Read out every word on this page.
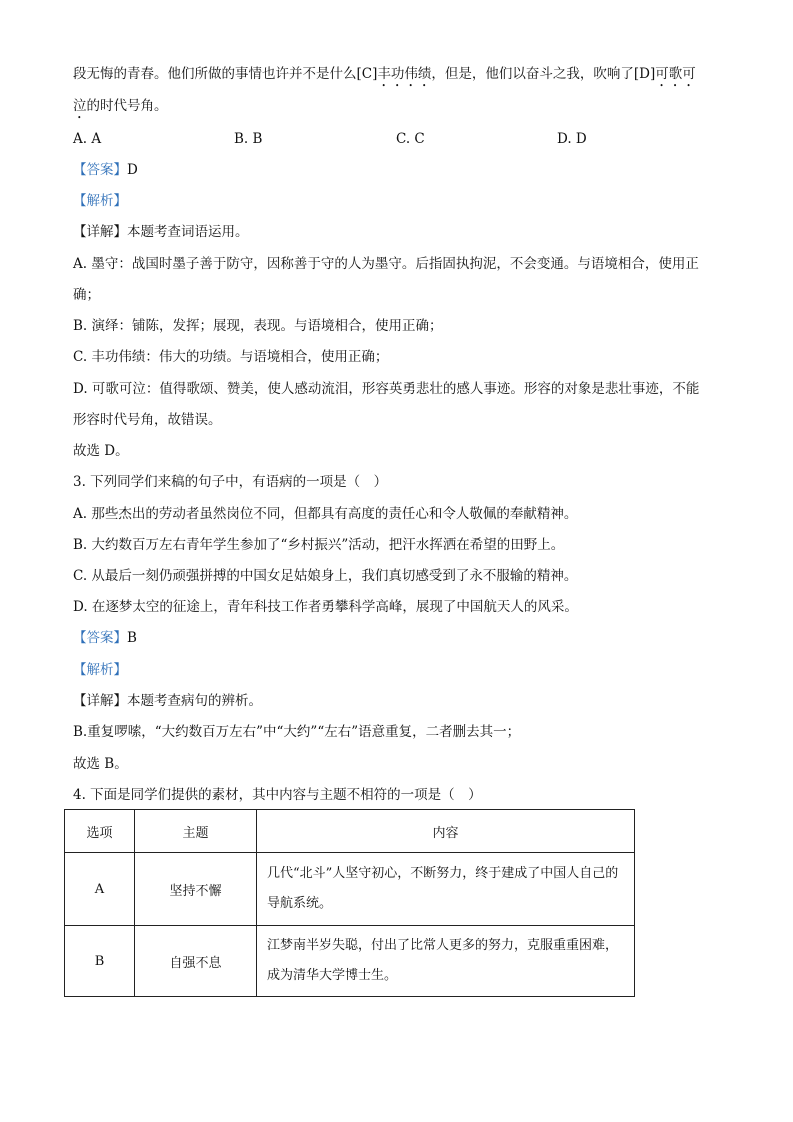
段无悔的青春。他们所做的事情也许并不是什么[C]丰功伟绩，但是，他们以奋斗之我，吹响了[D]可歌可
泣的时代号角。
A. A	B. B	C. C	D. D
【答案】D
【解析】
【详解】本题考查词语运用。
A. 墨守：战国时墨子善于防守，因称善于守的人为墨守。后指固执拘泥，不会变通。与语境相合，使用正
确；
B. 演绎：铺陈，发挥；展现，表现。与语境相合，使用正确；
C. 丰功伟绩：伟大的功绩。与语境相合，使用正确；
D. 可歌可泣：值得歌颂、赞美，使人感动流泪，形容英勇悲壮的感人事迹。形容的对象是悲壮事迹，不能
形容时代号角，故错误。
故选 D。
3. 下列同学们来稿的句子中，有语病的一项是（　）
A. 那些杰出的劳动者虽然岗位不同，但都具有高度的责任心和令人敬佩的奉献精神。
B. 大约数百万左右青年学生参加了“乡村振兴”活动，把汗水挥洒在希望的田野上。
C. 从最后一刻仍顽强拼搏的中国女足姑娘身上，我们真切感受到了永不服输的精神。
D. 在逐梦太空的征途上，青年科技工作者勇攀科学高峰，展现了中国航天人的风采。
【答案】B
【解析】
【详解】本题考查病句的辨析。
B.重复啰嗦，“大约数百万左右”中“大约”“左右”语意重复，二者删去其一；
故选 B。
4. 下面是同学们提供的素材，其中内容与主题不相符的一项是（　）
选项	主题	内容
A	坚持不懈	几代“北斗”人坚守初心，不断努力，终于建成了中国人自己的导航系统。
B	自强不息	江梦南半岁失聪，付出了比常人更多的努力，克服重重困难，成为清华大学博士生。
